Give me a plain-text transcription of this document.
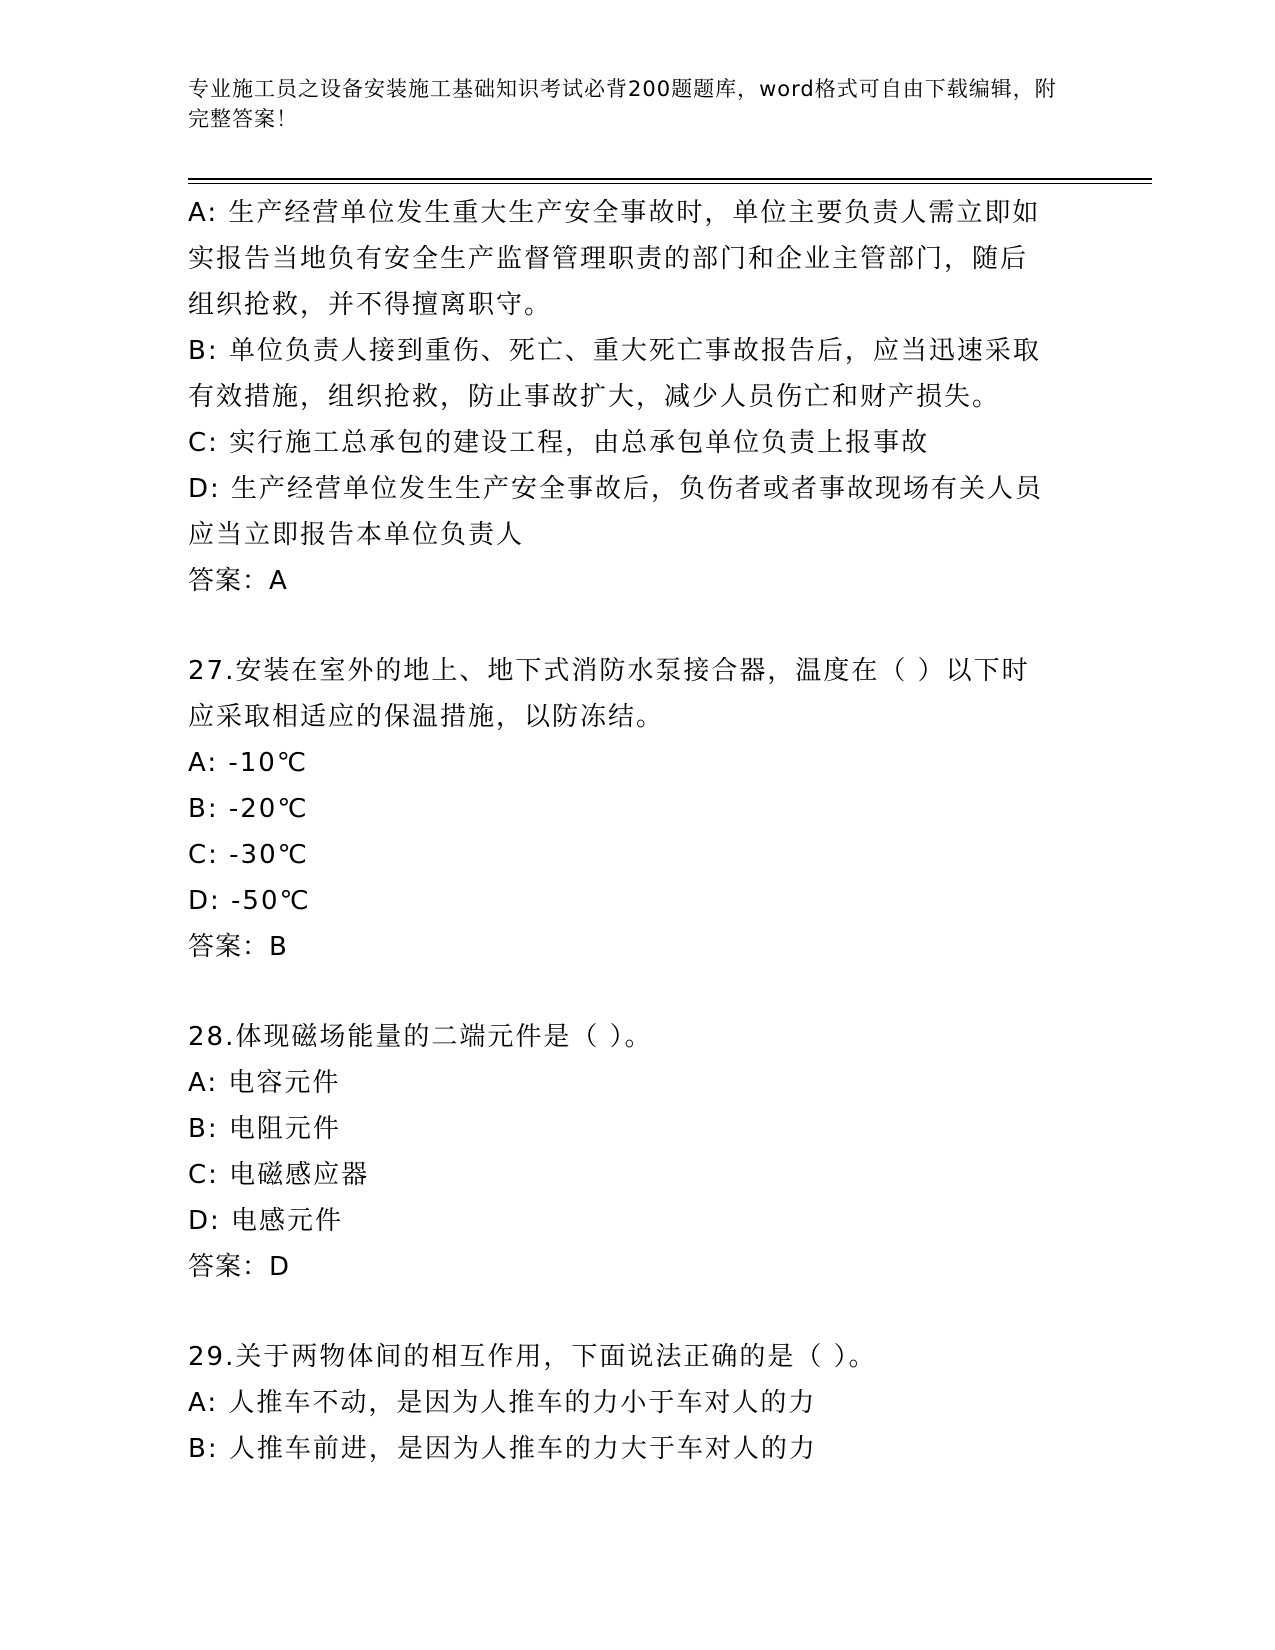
专业施工员之设备安装施工基础知识考试必背200题题库，word格式可自由下载编辑，附完整答案！
A: 生产经营单位发生重大生产安全事故时，单位主要负责人需立即如
实报告当地负有安全生产监督管理职责的部门和企业主管部门，随后
组织抢救，并不得擅离职守。
B: 单位负责人接到重伤、死亡、重大死亡事故报告后，应当迅速采取
有效措施，组织抢救，防止事故扩大，减少人员伤亡和财产损失。
C: 实行施工总承包的建设工程，由总承包单位负责上报事故
D: 生产经营单位发生生产安全事故后，负伤者或者事故现场有关人员
应当立即报告本单位负责人
答案：A
27.安装在室外的地上、地下式消防水泵接合器，温度在（ ）以下时
应采取相适应的保温措施，以防冻结。
A: -10℃
B: -20℃
C: -30℃
D: -50℃
答案：B
28.体现磁场能量的二端元件是（ ）。
A: 电容元件
B: 电阻元件
C: 电磁感应器
D: 电感元件
答案：D
29.关于两物体间的相互作用，下面说法正确的是（ ）。
A: 人推车不动，是因为人推车的力小于车对人的力
B: 人推车前进，是因为人推车的力大于车对人的力
